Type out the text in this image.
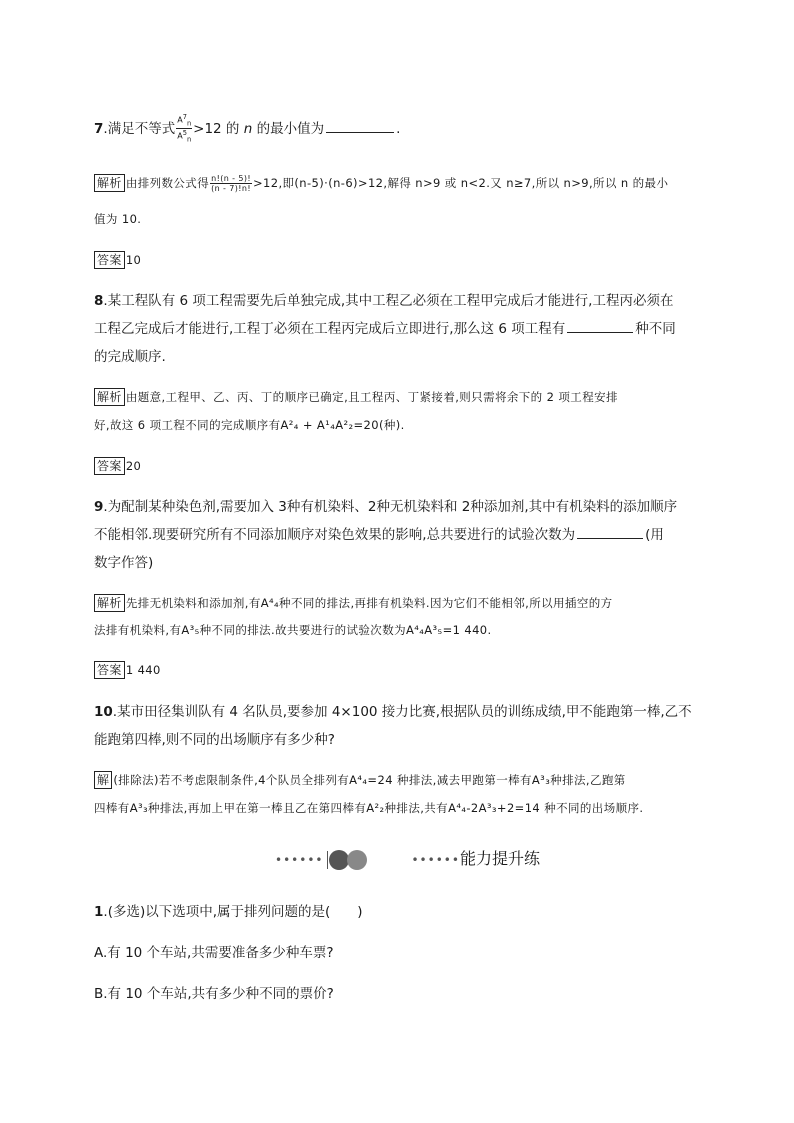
7.满足不等式 $\frac{A^7_n}{A^5_n} >12$ 的 n 的最小值为	.
解析 由排列数公式得 $\frac{n!(n - 5)!}{(n - 7)!n!} >12$,即(n-5)·(n-6)>12,解得 n>9 或 n<2.又 n≥7,所以 n>9,所以 n 的最小
值为 10.
答案 10
8.某工程队有 6 项工程需要先后单独完成,其中工程乙必须在工程甲完成后才能进行,工程丙必须在
工程乙完成后才能进行,工程丁必须在工程丙完成后立即进行,那么这 6 项工程有	种不同
的完成顺序.
解析 由题意,工程甲、乙、丙、丁的顺序已确定,且工程丙、丁紧接着,则只需将余下的 2 项工程安排
好,故这 6 项工程不同的完成顺序有A²₄ + A¹₄A²₂=20(种).
答案 20
9.为配制某种染色剂,需要加入 3种有机染料、2种无机染料和 2种添加剂,其中有机染料的添加顺序
不能相邻.现要研究所有不同添加顺序对染色效果的影响,总共要进行的试验次数为	(用
数字作答)
解析 先排无机染料和添加剂,有A⁴₄种不同的排法,再排有机染料.因为它们不能相邻,所以用插空的方
法排有机染料,有A³₅种不同的排法.故共要进行的试验次数为A⁴₄A³₅=1 440.
答案 1 440
10.某市田径集训队有 4 名队员,要参加 4×100 接力比赛,根据队员的训练成绩,甲不能跑第一棒,乙不
能跑第四棒,则不同的出场顺序有多少种?
解 (排除法)若不考虑限制条件,4个队员全排列有A⁴₄=24 种排法,减去甲跑第一棒有A³₃种排法,乙跑第
四棒有A³₃种排法,再加上甲在第一棒且乙在第四棒有A²₂种排法,共有A⁴₄-2A³₃+2=14 种不同的出场顺序.
••••••	••••••能力提升练
1.(多选)以下选项中,属于排列问题的是(　　)
A.有 10 个车站,共需要准备多少种车票?
B.有 10 个车站,共有多少种不同的票价?
